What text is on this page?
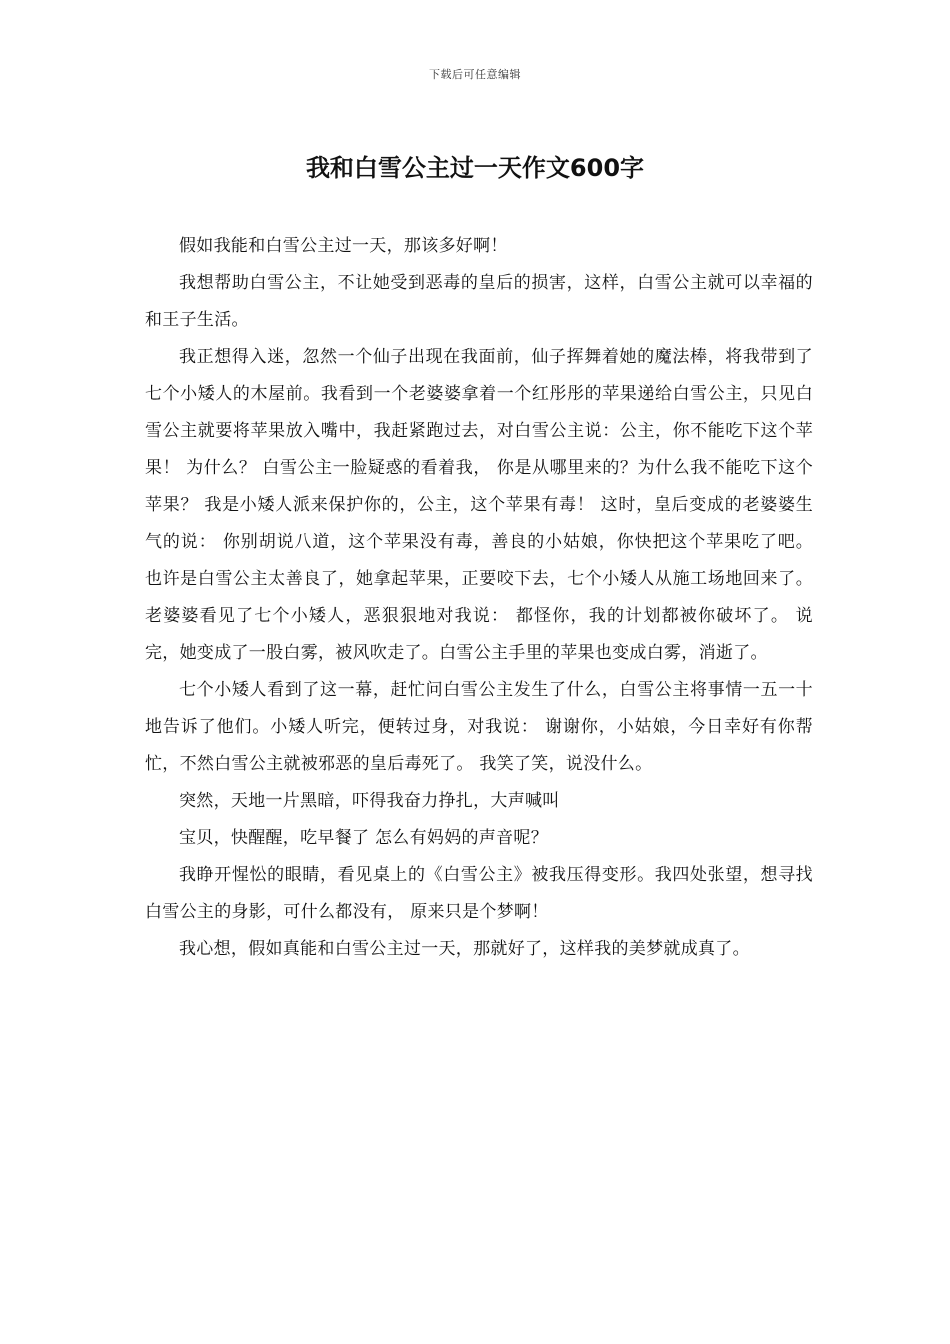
下载后可任意编辑
我和白雪公主过一天作文600字

假如我能和白雪公主过一天，那该多好啊！

我想帮助白雪公主，不让她受到恶毒的皇后的损害，这样，白雪公主就可以幸福的和王子生活。

我正想得入迷，忽然一个仙子出现在我面前，仙子挥舞着她的魔法棒，将我带到了七个小矮人的木屋前。我看到一个老婆婆拿着一个红彤彤的苹果递给白雪公主，只见白雪公主就要将苹果放入嘴中，我赶紧跑过去，对白雪公主说：公主，你不能吃下这个苹果！ 为什么？ 白雪公主一脸疑惑的看着我， 你是从哪里来的？为什么我不能吃下这个苹果？ 我是小矮人派来保护你的，公主，这个苹果有毒！ 这时，皇后变成的老婆婆生气的说： 你别胡说八道，这个苹果没有毒，善良的小姑娘，你快把这个苹果吃了吧。 也许是白雪公主太善良了，她拿起苹果，正要咬下去，七个小矮人从施工场地回来了。老婆婆看见了七个小矮人，恶狠狠地对我说： 都怪你，我的计划都被你破坏了。 说完，她变成了一股白雾，被风吹走了。白雪公主手里的苹果也变成白雾，消逝了。

七个小矮人看到了这一幕，赶忙问白雪公主发生了什么，白雪公主将事情一五一十地告诉了他们。小矮人听完，便转过身，对我说： 谢谢你，小姑娘，今日幸好有你帮忙，不然白雪公主就被邪恶的皇后毒死了。 我笑了笑，说没什么。

突然，天地一片黑暗，吓得我奋力挣扎，大声喊叫

宝贝，快醒醒，吃早餐了 怎么有妈妈的声音呢？

我睁开惺忪的眼睛，看见桌上的《白雪公主》被我压得变形。我四处张望，想寻找白雪公主的身影，可什么都没有， 原来只是个梦啊！

我心想，假如真能和白雪公主过一天，那就好了，这样我的美梦就成真了。
